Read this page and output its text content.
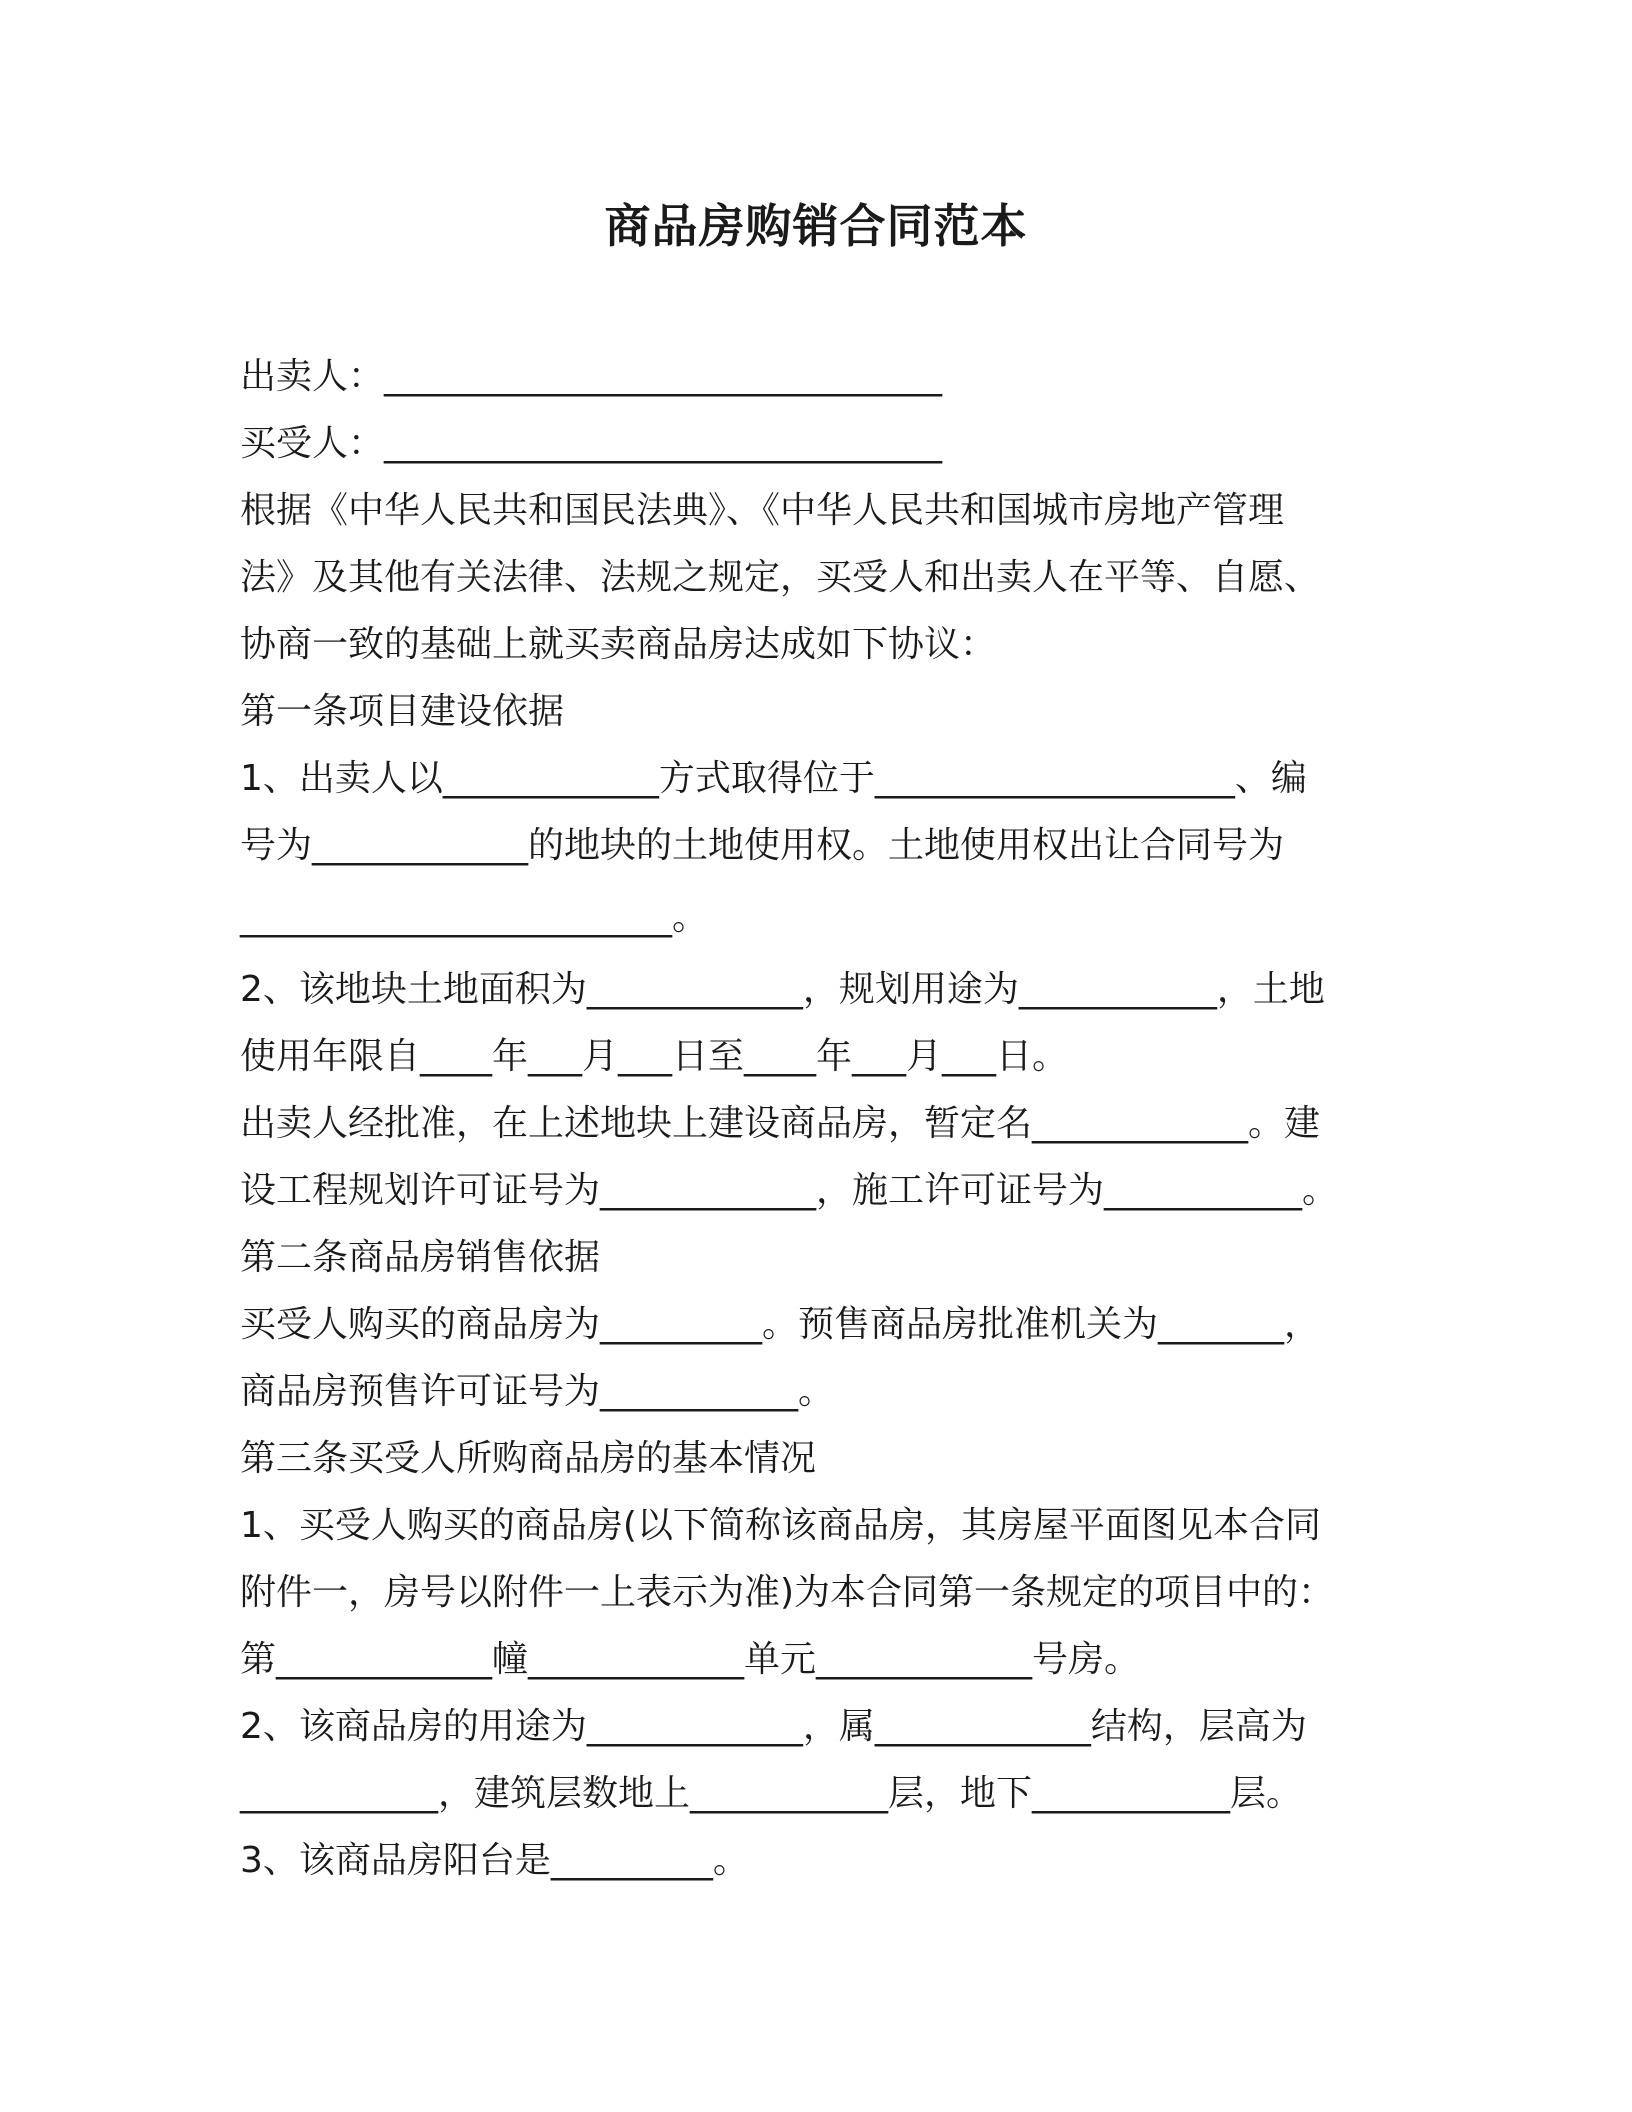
商品房购销合同范本
出卖人：_______________________________
买受人：_______________________________
根据《中华人民共和国民法典》、《中华人民共和国城市房地产管理
法》及其他有关法律、法规之规定，买受人和出卖人在平等、自愿、
协商一致的基础上就买卖商品房达成如下协议：
第一条项目建设依据
1、出卖人以____________方式取得位于____________________、编
号为____________的地块的土地使用权。土地使用权出让合同号为
________________________。
2、该地块土地面积为____________，规划用途为___________，土地
使用年限自____年___月___日至____年___月___日。
出卖人经批准，在上述地块上建设商品房，暂定名____________。建
设工程规划许可证号为____________，施工许可证号为___________。
第二条商品房销售依据
买受人购买的商品房为_________。预售商品房批准机关为_______，
商品房预售许可证号为___________。
第三条买受人所购商品房的基本情况
1、买受人购买的商品房(以下简称该商品房，其房屋平面图见本合同
附件一，房号以附件一上表示为准)为本合同第一条规定的项目中的：
第____________幢____________单元____________号房。
2、该商品房的用途为____________，属____________结构，层高为
___________，建筑层数地上___________层，地下___________层。
3、该商品房阳台是_________。
